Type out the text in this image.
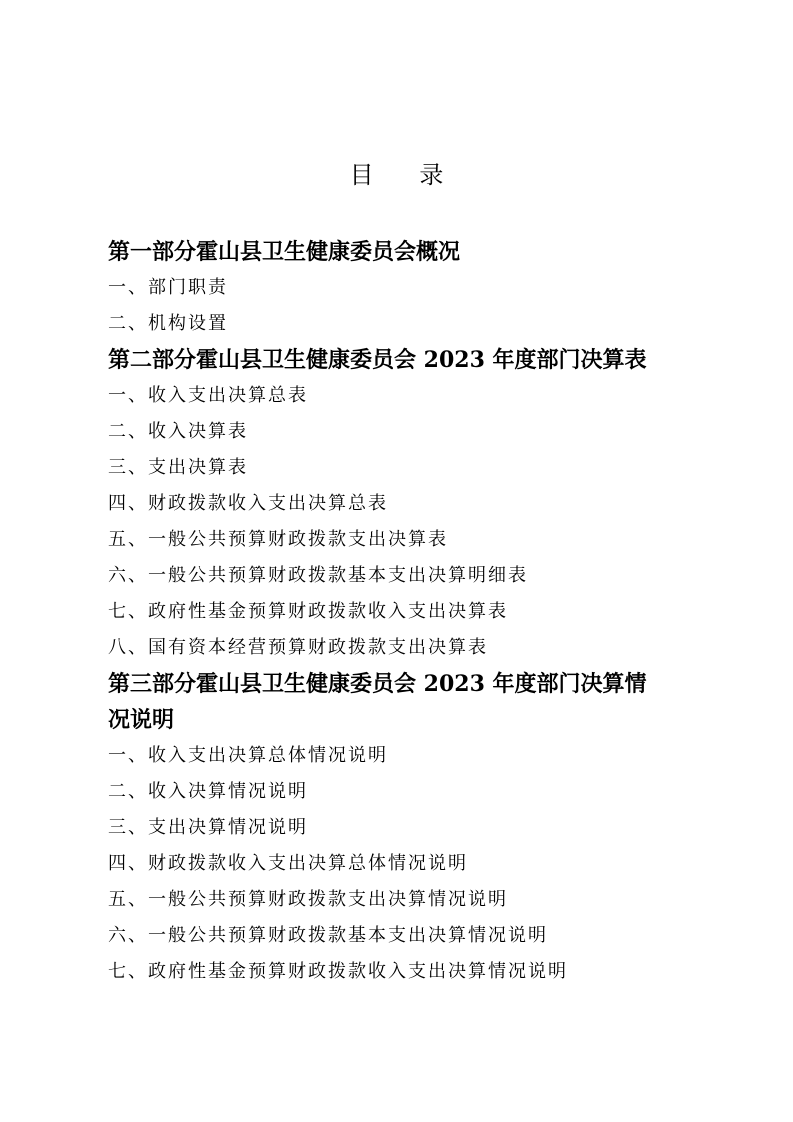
目      录

第一部分霍山县卫生健康委员会概况

一、部门职责

二、机构设置

第二部分霍山县卫生健康委员会 2023 年度部门决算表

一、收入支出决算总表

二、收入决算表

三、支出决算表

四、财政拨款收入支出决算总表

五、一般公共预算财政拨款支出决算表

六、一般公共预算财政拨款基本支出决算明细表

七、政府性基金预算财政拨款收入支出决算表

八、国有资本经营预算财政拨款支出决算表

第三部分霍山县卫生健康委员会 2023 年度部门决算情

况说明

一、收入支出决算总体情况说明

二、收入决算情况说明

三、支出决算情况说明

四、财政拨款收入支出决算总体情况说明

五、一般公共预算财政拨款支出决算情况说明

六、一般公共预算财政拨款基本支出决算情况说明

七、政府性基金预算财政拨款收入支出决算情况说明
